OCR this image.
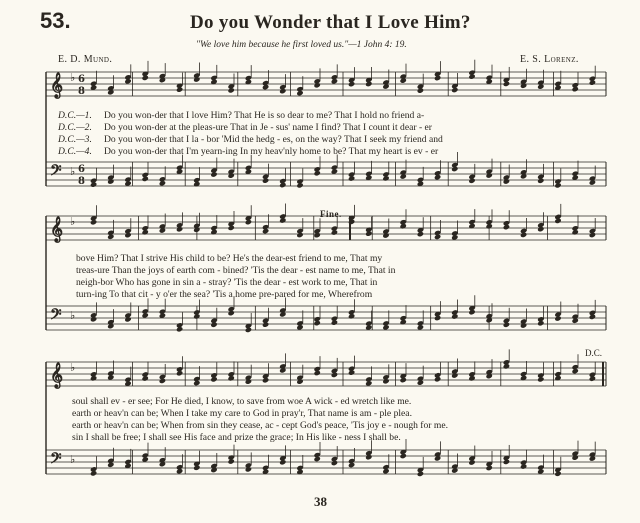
53.	Do you Wonder that I Love Him?
"We love him because he first loved us."—1 John 4: 19.
E. D. Mund.	E. S. Lorenz.
𝄞
𝄢
♭
♭
6
8
6
8
𝄞
𝄢
♭
♭
𝄞
𝄢
♭
♭
D.C.—1. Do you won-der that I love Him? That He is so dear to me? That I hold no friend a-
D.C.—2. Do you won-der at the pleas-ure That in Je - sus' name I find? That I count it dear - er
D.C.—3. Do you won-der that I la - bor 'Mid the hedg - es, on the way? That I seek my friend and
D.C.—4. Do you won-der that I'm yearn-ing In my heav'nly home to be? That my heart is ev - er
Fine.
bove Him? That I strive His child to be? He's the dear-est friend to me, That my
treas-ure Than the joys of earth com - bined? 'Tis the dear - est name to me, That in
neigh-bor Who has gone in sin a - stray? 'Tis the dear - est work to me, That in
turn-ing To that cit - y o'er the sea? 'Tis a home pre-pared for me, Wherefrom
D.C.
soul shall ev - er see; For He died, I know, to save from woe A wick - ed wretch like me.
earth or heav'n can be; When I take my care to God in pray'r, That name is am - ple plea.
earth or heav'n can be; When from sin they cease, ac - cept God's peace, 'Tis joy e - nough for me.
sin I shall be free; I shall see His face and prize the grace; In His like - ness I shall be.
38
